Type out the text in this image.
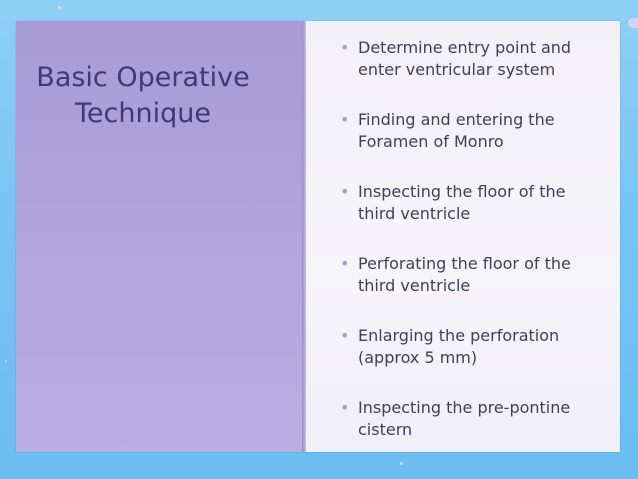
Basic Operative
Technique
• Determine entry point and
enter ventricular system
• Finding and entering the
Foramen of Monro
• Inspecting the floor of the
third ventricle
• Perforating the floor of the
third ventricle
• Enlarging the perforation
(approx 5 mm)
• Inspecting the pre-pontine
cistern
